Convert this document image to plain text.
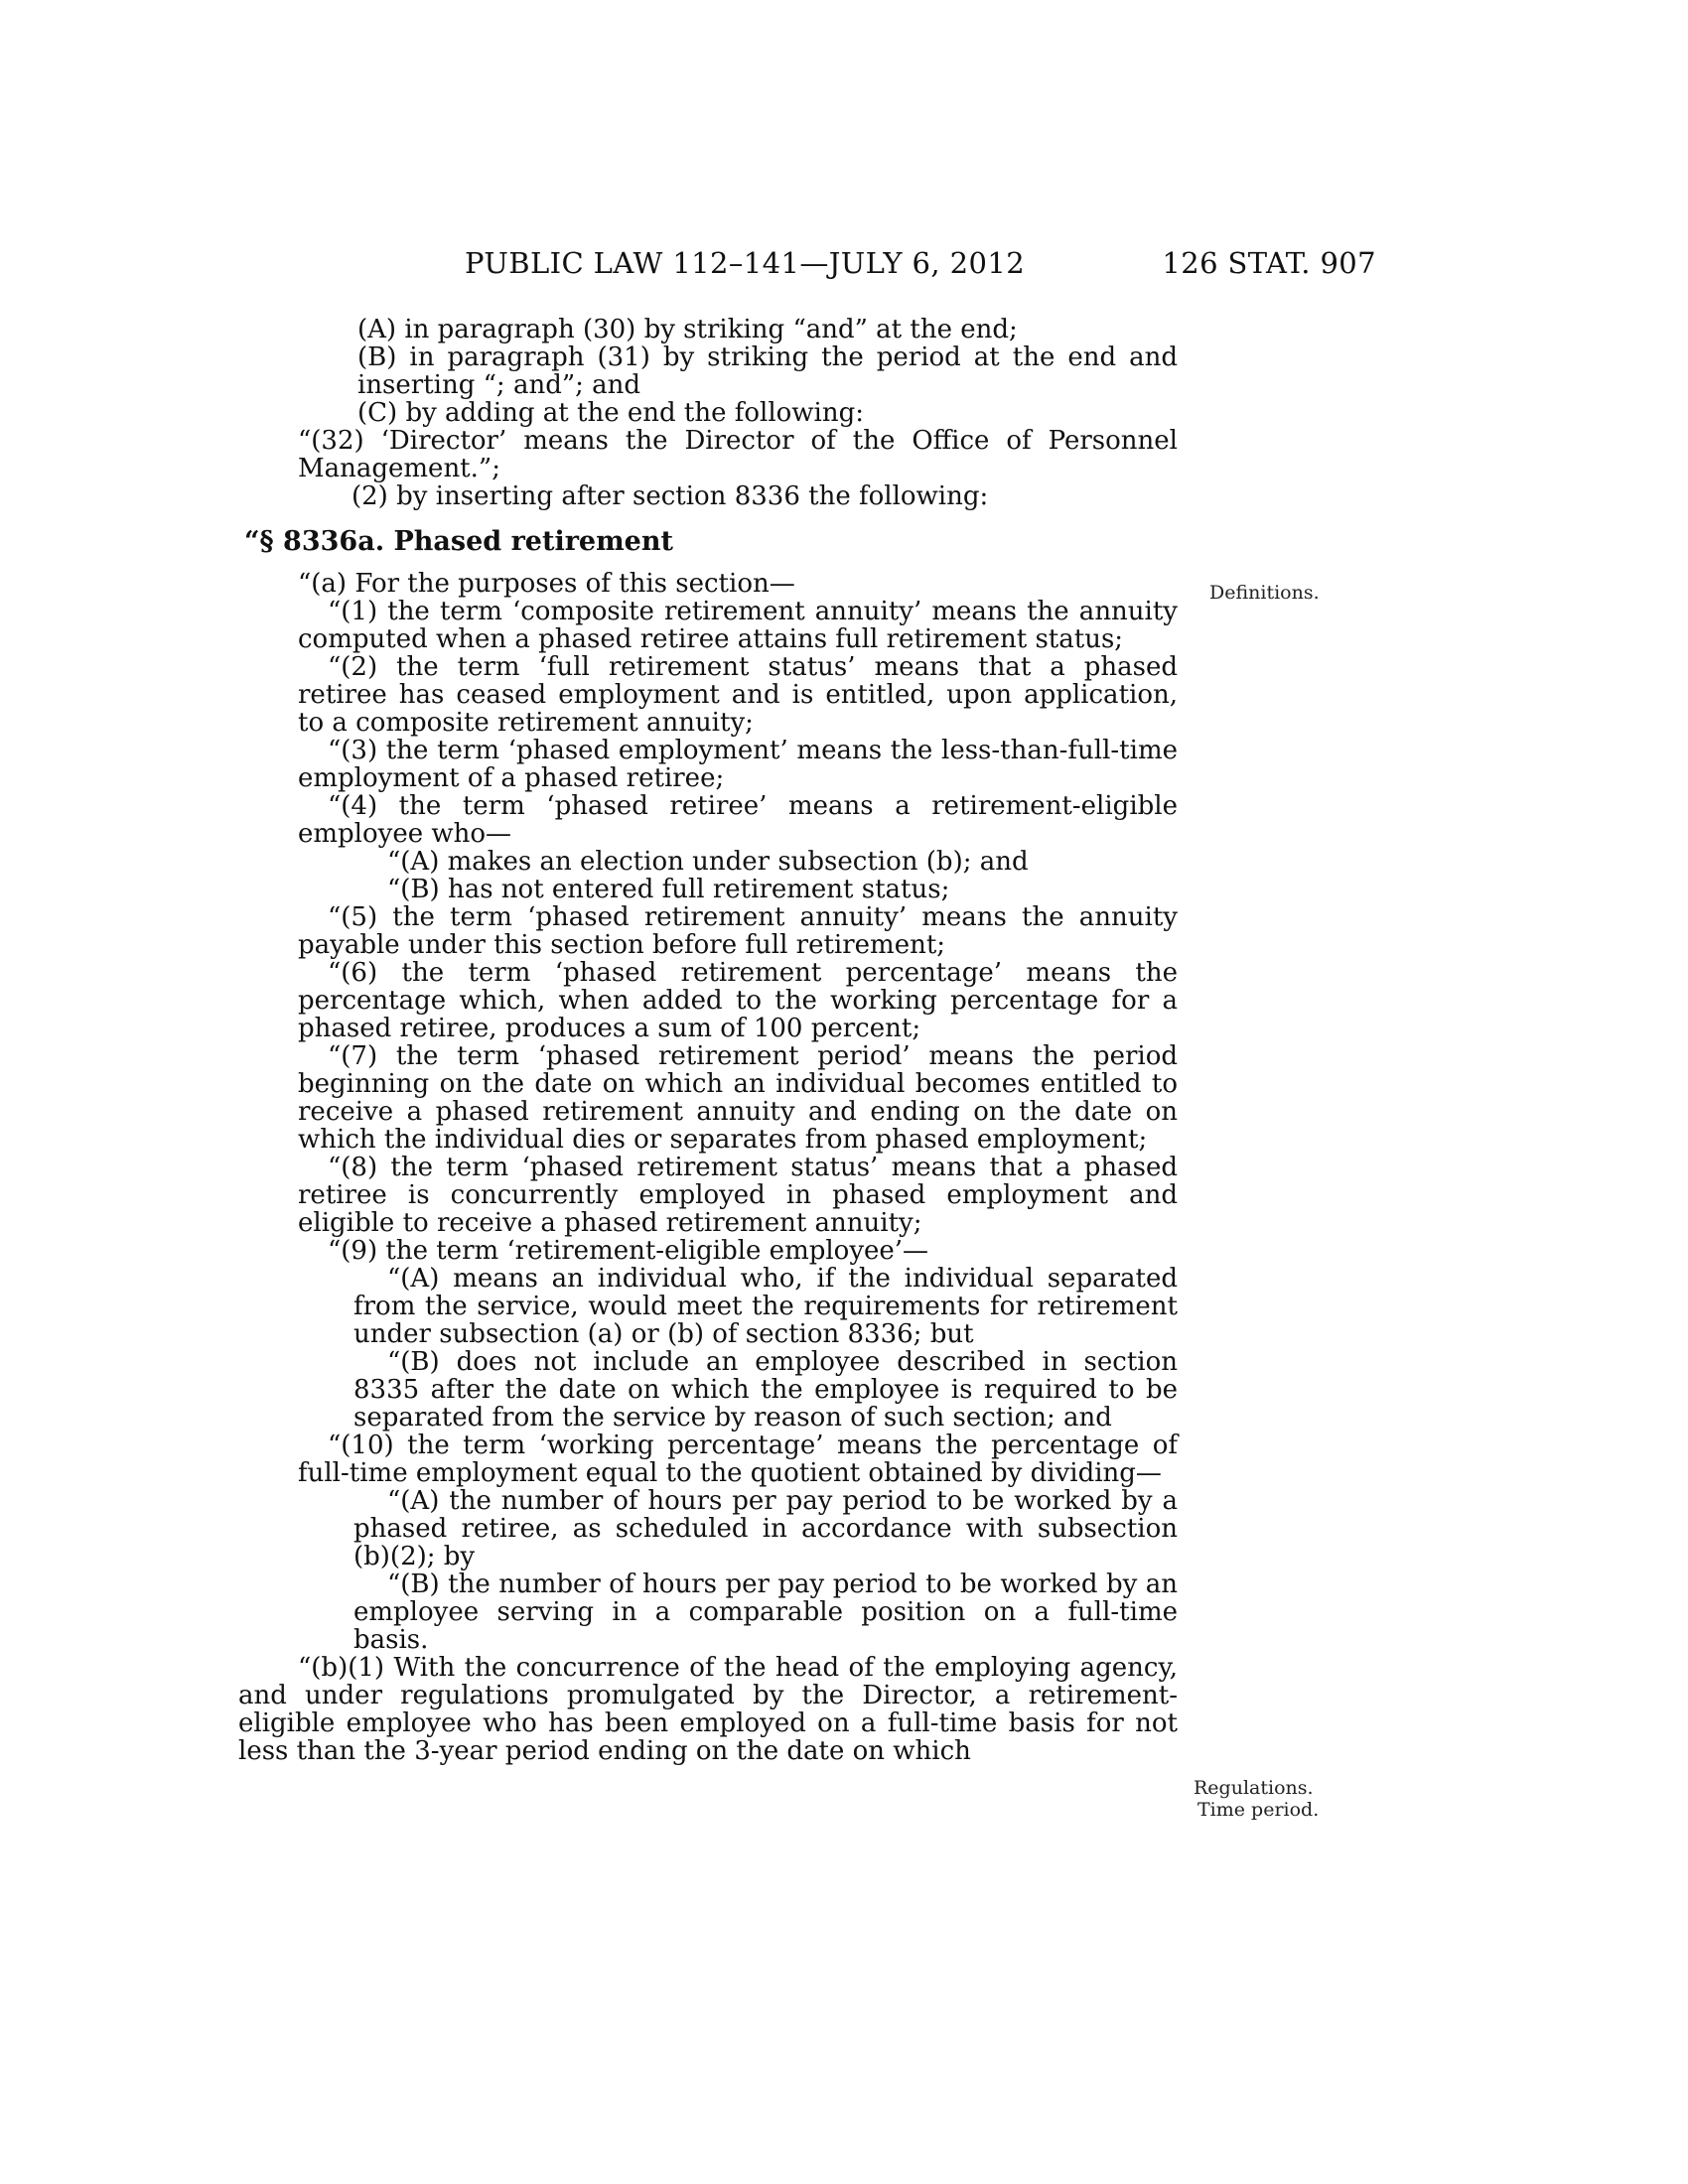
PUBLIC LAW 112–141—JULY 6, 2012	126 STAT. 907

(A) in paragraph (30) by striking “and” at the end;

(B) in paragraph (31) by striking the period at the end and inserting “; and”; and

(C) by adding at the end the following:

“(32) ‘Director’ means the Director of the Office of Personnel Management.”;

(2) by inserting after section 8336 the following:

“§ 8336a. Phased retirement

“(a) For the purposes of this section—

“(1) the term ‘composite retirement annuity’ means the annuity computed when a phased retiree attains full retirement status;

“(2) the term ‘full retirement status’ means that a phased retiree has ceased employment and is entitled, upon application, to a composite retirement annuity;

“(3) the term ‘phased employment’ means the less-than-full-time employment of a phased retiree;

“(4) the term ‘phased retiree’ means a retirement-eligible employee who—

“(A) makes an election under subsection (b); and

“(B) has not entered full retirement status;

“(5) the term ‘phased retirement annuity’ means the annuity payable under this section before full retirement;

“(6) the term ‘phased retirement percentage’ means the percentage which, when added to the working percentage for a phased retiree, produces a sum of 100 percent;

“(7) the term ‘phased retirement period’ means the period beginning on the date on which an individual becomes entitled to receive a phased retirement annuity and ending on the date on which the individual dies or separates from phased employment;

“(8) the term ‘phased retirement status’ means that a phased retiree is concurrently employed in phased employment and eligible to receive a phased retirement annuity;

“(9) the term ‘retirement-eligible employee’—

“(A) means an individual who, if the individual separated from the service, would meet the requirements for retirement under subsection (a) or (b) of section 8336; but

“(B) does not include an employee described in section 8335 after the date on which the employee is required to be separated from the service by reason of such section; and

“(10) the term ‘working percentage’ means the percentage of full-time employment equal to the quotient obtained by dividing—

“(A) the number of hours per pay period to be worked by a phased retiree, as scheduled in accordance with subsection (b)(2); by

“(B) the number of hours per pay period to be worked by an employee serving in a comparable position on a full-time basis.

“(b)(1) With the concurrence of the head of the employing agency, and under regulations promulgated by the Director, a retirement-eligible employee who has been employed on a full-time basis for not less than the 3-year period ending on the date on which

Definitions.
Regulations.
Time period.
